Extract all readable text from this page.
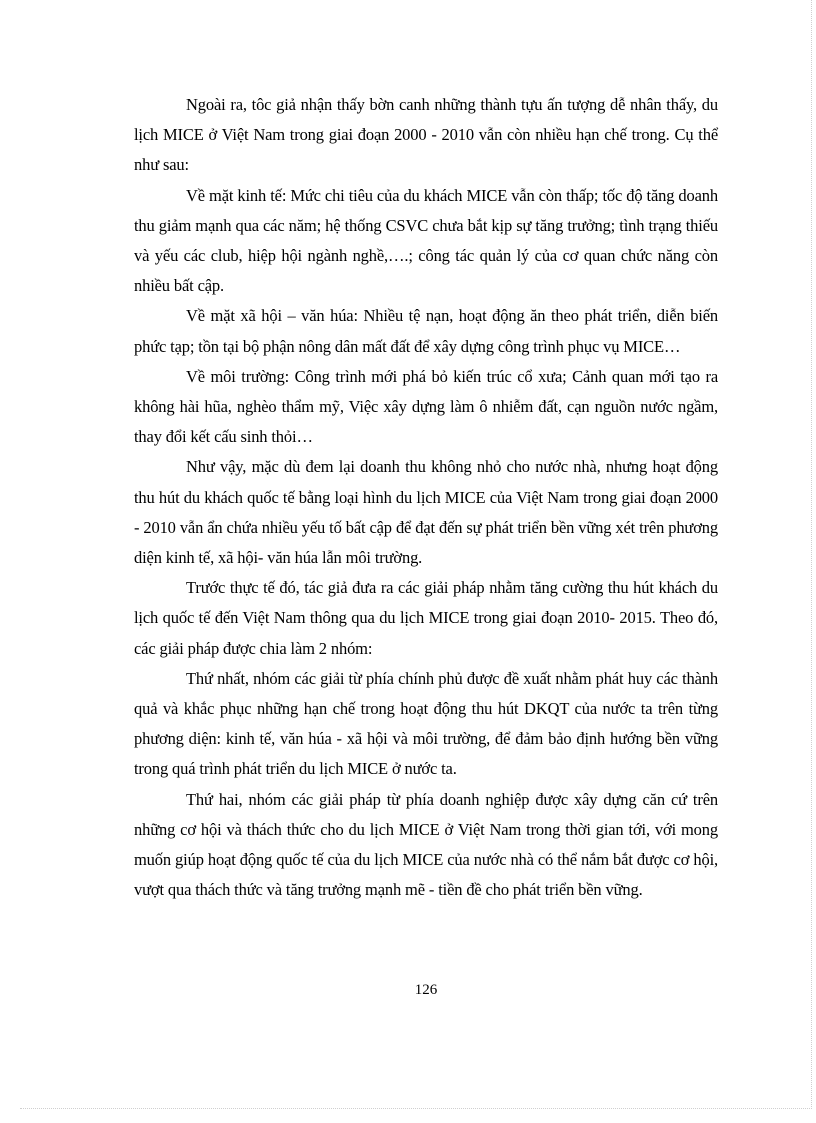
Ngoài ra, tôc giả nhận thấy bờn canh những thành tựu ấn tượng dễ nhân thấy, du lịch MICE ở Việt Nam trong giai đoạn 2000 - 2010 vẫn còn nhiều hạn chế trong. Cụ thể như sau:

Về mặt kinh tế: Mức chi tiêu của du khách MICE vẫn còn thấp; tốc độ tăng doanh thu giảm mạnh qua các năm; hệ thống CSVC chưa bắt kịp sự tăng trưởng; tình trạng thiếu và yếu các club, hiệp hội ngành nghề,….; công tác quản lý của cơ quan chức năng còn nhiều bất cập.

Về mặt xã hội – văn húa: Nhiều tệ nạn, hoạt động ăn theo phát triển, diễn biến phức tạp; tồn tại bộ phận nông dân mất đất để xây dựng công trình phục vụ MICE…

Về môi trường: Công trình mới phá bỏ kiến trúc cổ xưa; Cảnh quan mới tạo ra không hài hũa, nghèo thẩm mỹ, Việc xây dựng làm ô nhiễm đất, cạn nguồn nước ngầm, thay đổi kết cấu sinh thỏi…

Như vậy, mặc dù đem lại doanh thu không nhỏ cho nước nhà, nhưng hoạt động thu hút du khách quốc tế bằng loại hình du lịch MICE của Việt Nam trong giai đoạn 2000 - 2010 vẫn ẩn chứa nhiều yếu tố bất cập để đạt đến sự phát triển bền vững xét trên phương diện kinh tế, xã hội- văn húa lẫn môi trường.

Trước thực tế đó, tác giả đưa ra các giải pháp nhằm tăng cường thu hút khách du lịch quốc tế đến Việt Nam thông qua du lịch MICE trong giai đoạn 2010- 2015. Theo đó, các giải pháp được chia làm 2 nhóm:

Thứ nhất, nhóm các giải từ phía chính phủ được đề xuất nhằm phát huy các thành quả và khắc phục những hạn chế trong hoạt động thu hút DKQT của nước ta trên từng phương diện: kinh tế, văn húa - xã hội và môi trường, để đảm bảo định hướng bền vững trong quá trình phát triển du lịch MICE ở nước ta.

Thứ hai, nhóm các giải pháp từ phía doanh nghiệp được xây dựng căn cứ trên những cơ hội và thách thức cho du lịch MICE ở Việt Nam trong thời gian tới, với mong muốn giúp hoạt động quốc tế của du lịch MICE của nước nhà có thể nắm bắt được cơ hội, vượt qua thách thức và tăng trưởng mạnh mẽ - tiền đề cho phát triển bền vững.

126
